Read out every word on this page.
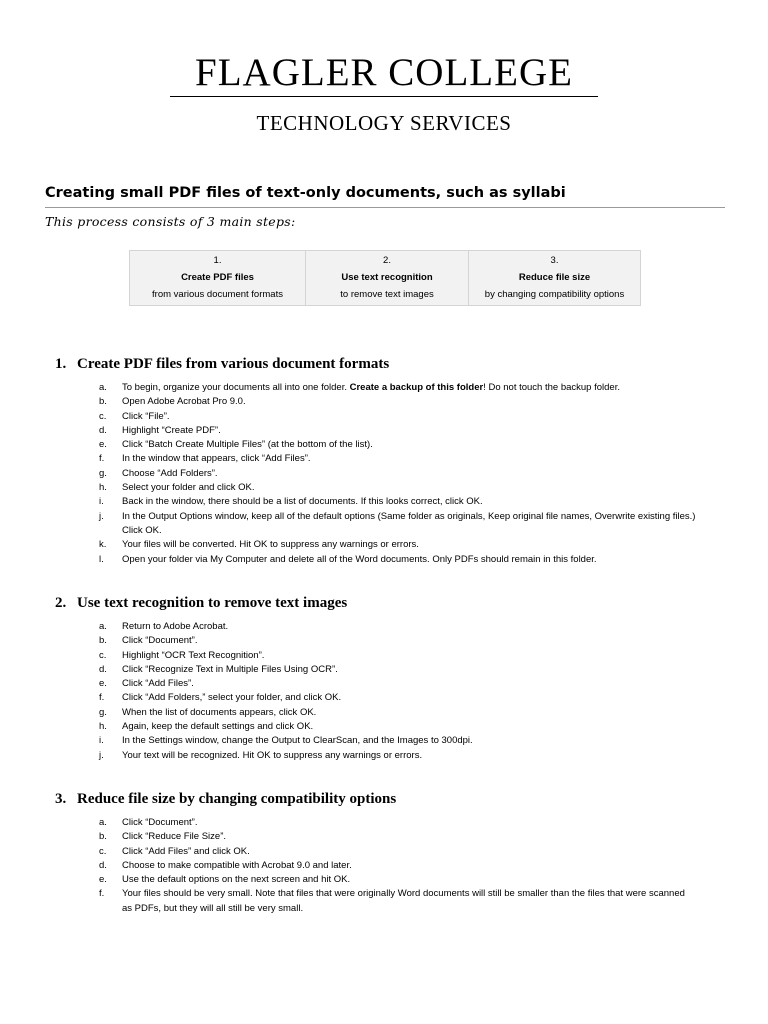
FLAGLER COLLEGE
TECHNOLOGY SERVICES
Creating small PDF files of text-only documents, such as syllabi
This process consists of 3 main steps:
1.
Create PDF files
from various document formats

2.
Use text recognition
to remove text images

3.
Reduce file size
by changing compatibility options
1. Create PDF files from various document formats
a. To begin, organize your documents all into one folder. Create a backup of this folder! Do not touch the backup folder.
b. Open Adobe Acrobat Pro 9.0.
c. Click “File”.
d. Highlight “Create PDF”.
e. Click “Batch Create Multiple Files” (at the bottom of the list).
f. In the window that appears, click “Add Files”.
g. Choose “Add Folders”.
h. Select your folder and click OK.
i. Back in the window, there should be a list of documents. If this looks correct, click OK.
j. In the Output Options window, keep all of the default options (Same folder as originals, Keep original file names, Overwrite existing files.) Click OK.
k. Your files will be converted. Hit OK to suppress any warnings or errors.
l. Open your folder via My Computer and delete all of the Word documents. Only PDFs should remain in this folder.
2. Use text recognition to remove text images
a. Return to Adobe Acrobat.
b. Click “Document”.
c. Highlight “OCR Text Recognition”.
d. Click “Recognize Text in Multiple Files Using OCR”.
e. Click “Add Files”.
f. Click “Add Folders,” select your folder, and click OK.
g. When the list of documents appears, click OK.
h. Again, keep the default settings and click OK.
i. In the Settings window, change the Output to ClearScan, and the Images to 300dpi.
j. Your text will be recognized. Hit OK to suppress any warnings or errors.
3. Reduce file size by changing compatibility options
a. Click “Document”.
b. Click “Reduce File Size”.
c. Click “Add Files” and click OK.
d. Choose to make compatible with Acrobat 9.0 and later.
e. Use the default options on the next screen and hit OK.
f. Your files should be very small. Note that files that were originally Word documents will still be smaller than the files that were scanned as PDFs, but they will all still be very small.
